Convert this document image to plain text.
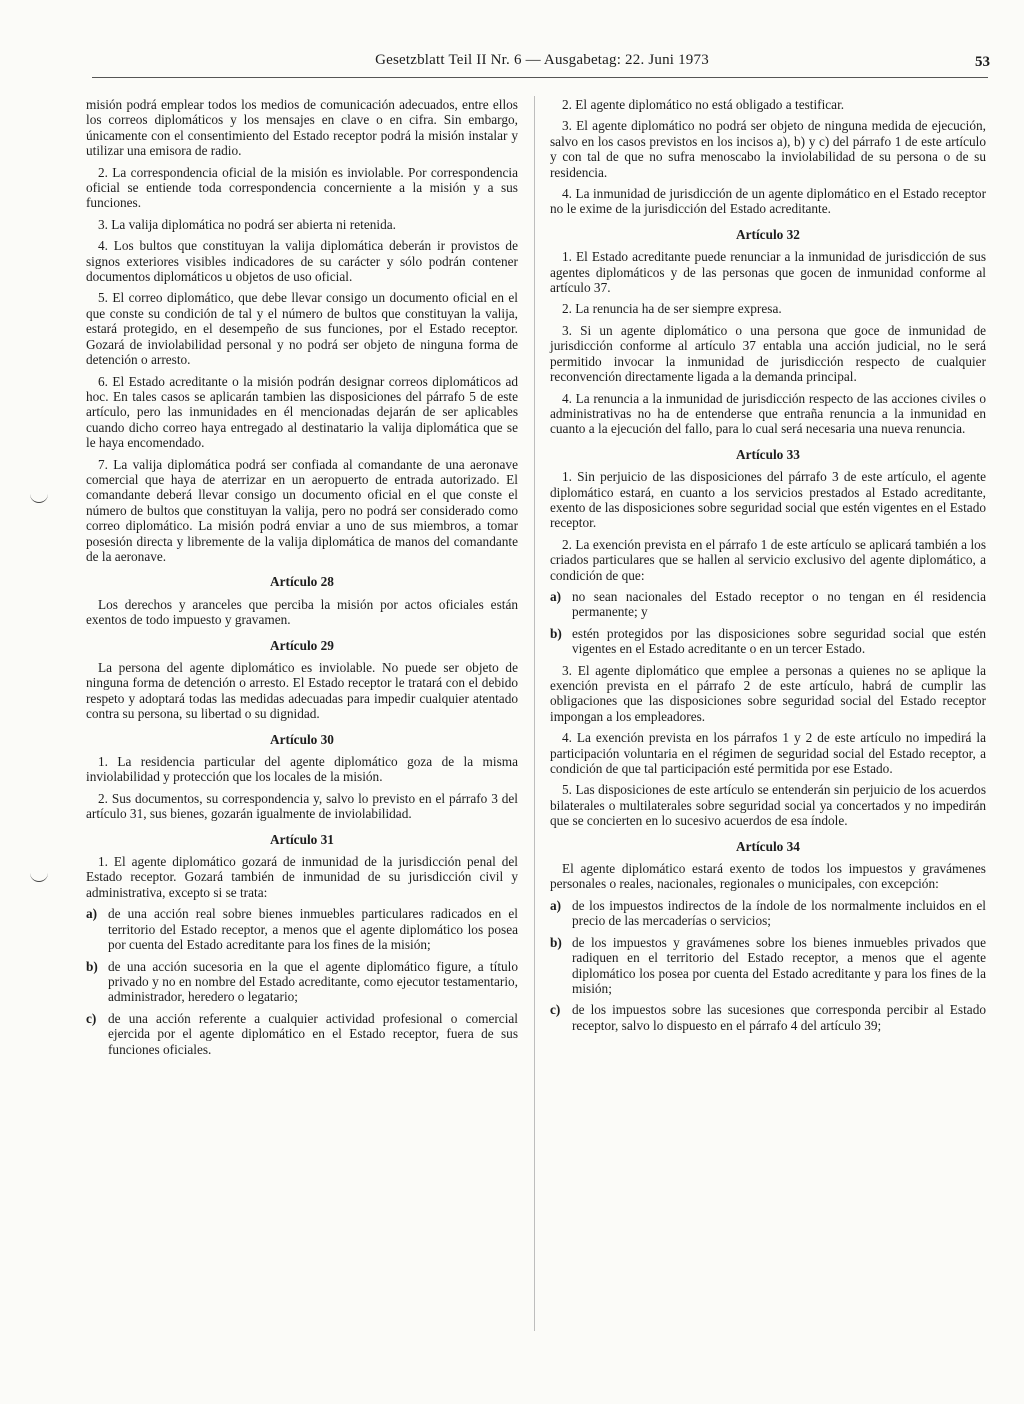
Gesetzblatt Teil II Nr. 6 — Ausgabetag: 22. Juni 1973	53

misión podrá emplear todos los medios de comunicación adecuados, entre ellos los correos diplomáticos y los mensajes en clave o en cifra. Sin embargo, únicamente con el consentimiento del Estado receptor podrá la misión instalar y utilizar una emisora de radio.

2. La correspondencia oficial de la misión es inviolable. Por correspondencia oficial se entiende toda correspondencia concerniente a la misión y a sus funciones.

3. La valija diplomática no podrá ser abierta ni retenida.

4. Los bultos que constituyan la valija diplomática deberán ir provistos de signos exteriores visibles indicadores de su carácter y sólo podrán contener documentos diplomáticos u objetos de uso oficial.

5. El correo diplomático, que debe llevar consigo un documento oficial en el que conste su condición de tal y el número de bultos que constituyan la valija, estará protegido, en el desempeño de sus funciones, por el Estado receptor. Gozará de inviolabilidad personal y no podrá ser objeto de ninguna forma de detención o arresto.

6. El Estado acreditante o la misión podrán designar correos diplomáticos ad hoc. En tales casos se aplicarán tambien las disposiciones del párrafo 5 de este artículo, pero las inmunidades en él mencionadas dejarán de ser aplicables cuando dicho correo haya entregado al destinatario la valija diplomática que se le haya encomendado.

7. La valija diplomática podrá ser confiada al comandante de una aeronave comercial que haya de aterrizar en un aeropuerto de entrada autorizado. El comandante deberá llevar consigo un documento oficial en el que conste el número de bultos que constituyan la valija, pero no podrá ser considerado como correo diplomático. La misión podrá enviar a uno de sus miembros, a tomar posesión directa y libremente de la valija diplomática de manos del comandante de la aeronave.

Artículo 28

Los derechos y aranceles que perciba la misión por actos oficiales están exentos de todo impuesto y gravamen.

Artículo 29

La persona del agente diplomático es inviolable. No puede ser objeto de ninguna forma de detención o arresto. El Estado receptor le tratará con el debido respeto y adoptará todas las medidas adecuadas para impedir cualquier atentado contra su persona, su libertad o su dignidad.

Artículo 30

1. La residencia particular del agente diplomático goza de la misma inviolabilidad y protección que los locales de la misión.

2. Sus documentos, su correspondencia y, salvo lo previsto en el párrafo 3 del artículo 31, sus bienes, gozarán igualmente de inviolabilidad.

Artículo 31

1. El agente diplomático gozará de inmunidad de la jurisdicción penal del Estado receptor. Gozará también de inmunidad de su jurisdicción civil y administrativa, excepto si se trata:

a) de una acción real sobre bienes inmuebles particulares radicados en el territorio del Estado receptor, a menos que el agente diplomático los posea por cuenta del Estado acreditante para los fines de la misión;
b) de una acción sucesoria en la que el agente diplomático figure, a título privado y no en nombre del Estado acreditante, como ejecutor testamentario, administrador, heredero o legatario;
c) de una acción referente a cualquier actividad profesional o comercial ejercida por el agente diplomático en el Estado receptor, fuera de sus funciones oficiales.

2. El agente diplomático no está obligado a testificar.

3. El agente diplomático no podrá ser objeto de ninguna medida de ejecución, salvo en los casos previstos en los incisos a), b) y c) del párrafo 1 de este artículo y con tal de que no sufra menoscabo la inviolabilidad de su persona o de su residencia.

4. La inmunidad de jurisdicción de un agente diplomático en el Estado receptor no le exime de la jurisdicción del Estado acreditante.

Artículo 32

1. El Estado acreditante puede renunciar a la inmunidad de jurisdicción de sus agentes diplomáticos y de las personas que gocen de inmunidad conforme al artículo 37.

2. La renuncia ha de ser siempre expresa.

3. Si un agente diplomático o una persona que goce de inmunidad de jurisdicción conforme al artículo 37 entabla una acción judicial, no le será permitido invocar la inmunidad de jurisdicción respecto de cualquier reconvención directamente ligada a la demanda principal.

4. La renuncia a la inmunidad de jurisdicción respecto de las acciones civiles o administrativas no ha de entenderse que entraña renuncia a la inmunidad en cuanto a la ejecución del fallo, para lo cual será necesaria una nueva renuncia.

Artículo 33

1. Sin perjuicio de las disposiciones del párrafo 3 de este artículo, el agente diplomático estará, en cuanto a los servicios prestados al Estado acreditante, exento de las disposiciones sobre seguridad social que estén vigentes en el Estado receptor.

2. La exención prevista en el párrafo 1 de este artículo se aplicará también a los criados particulares que se hallen al servicio exclusivo del agente diplomático, a condición de que:

a) no sean nacionales del Estado receptor o no tengan en él residencia permanente; y
b) estén protegidos por las disposiciones sobre seguridad social que estén vigentes en el Estado acreditante o en un tercer Estado.

3. El agente diplomático que emplee a personas a quienes no se aplique la exención prevista en el párrafo 2 de este artículo, habrá de cumplir las obligaciones que las disposiciones sobre seguridad social del Estado receptor impongan a los empleadores.

4. La exención prevista en los párrafos 1 y 2 de este artículo no impedirá la participación voluntaria en el régimen de seguridad social del Estado receptor, a condición de que tal participación esté permitida por ese Estado.

5. Las disposiciones de este artículo se entenderán sin perjuicio de los acuerdos bilaterales o multilaterales sobre seguridad social ya concertados y no impedirán que se concierten en lo sucesivo acuerdos de esa índole.

Artículo 34

El agente diplomático estará exento de todos los impuestos y gravámenes personales o reales, nacionales, regionales o municipales, con excepción:

a) de los impuestos indirectos de la índole de los normalmente incluidos en el precio de las mercaderías o servicios;
b) de los impuestos y gravámenes sobre los bienes inmuebles privados que radiquen en el territorio del Estado receptor, a menos que el agente diplomático los posea por cuenta del Estado acreditante y para los fines de la misión;
c) de los impuestos sobre las sucesiones que corresponda percibir al Estado receptor, salvo lo dispuesto en el párrafo 4 del artículo 39;
